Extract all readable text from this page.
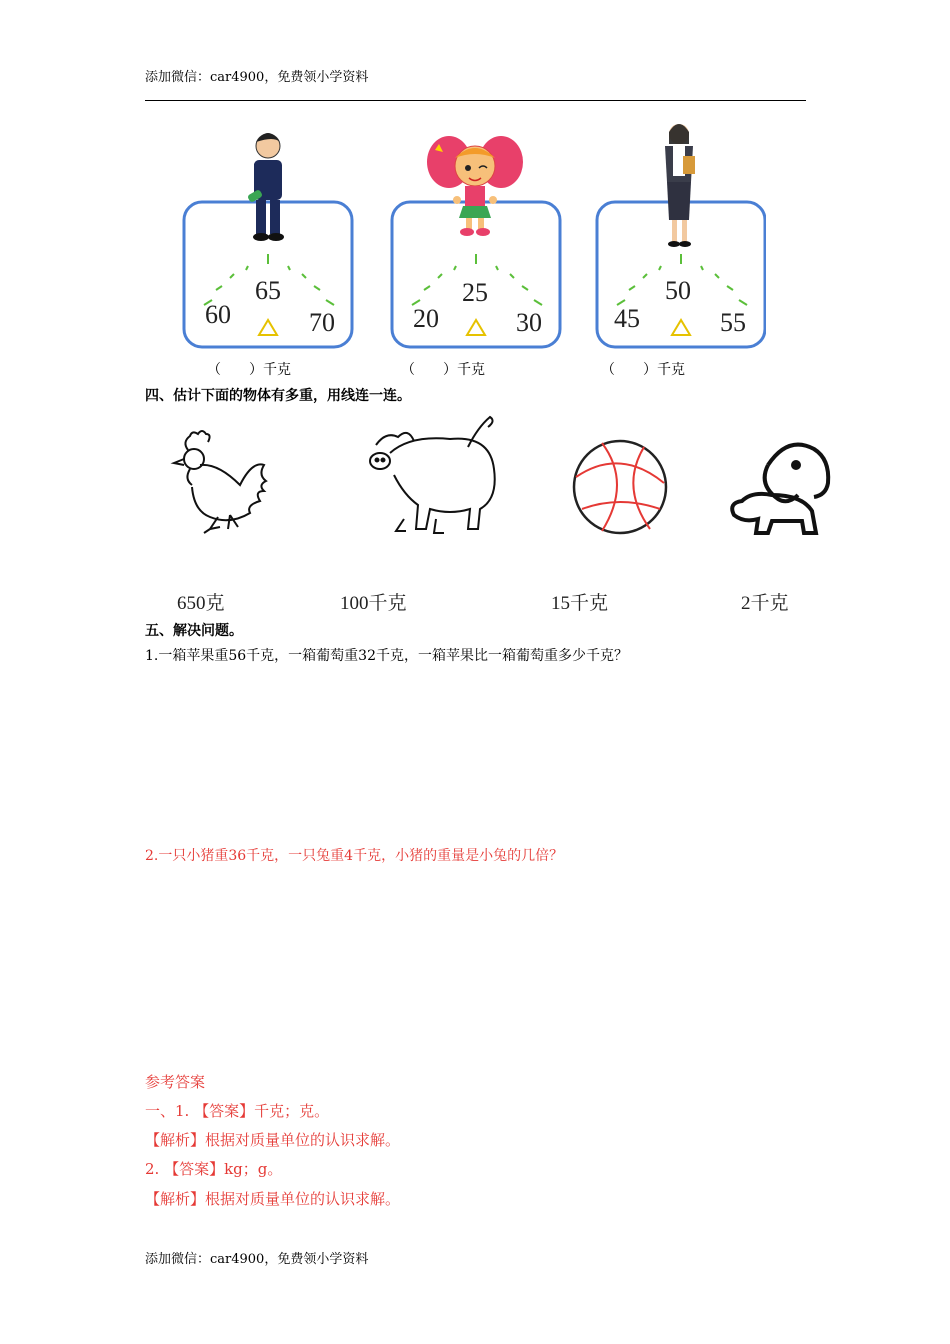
添加微信：car4900，免费领小学资料
60
65
70	20
25
30	45
50
55
（　　）千克	（　　）千克	（　　）千克
四、估计下面的物体有多重，用线连一连。
650克	100千克	15千克	2千克
五、解决问题。
1.一箱苹果重56千克，一箱葡萄重32千克，一箱苹果比一箱葡萄重多少千克？
2.一只小猪重36千克，一只兔重4千克，小猪的重量是小兔的几倍？
参考答案
一、1. 【答案】千克；克。
【解析】根据对质量单位的认识求解。
2. 【答案】kg；g。
【解析】根据对质量单位的认识求解。
添加微信：car4900，免费领小学资料
